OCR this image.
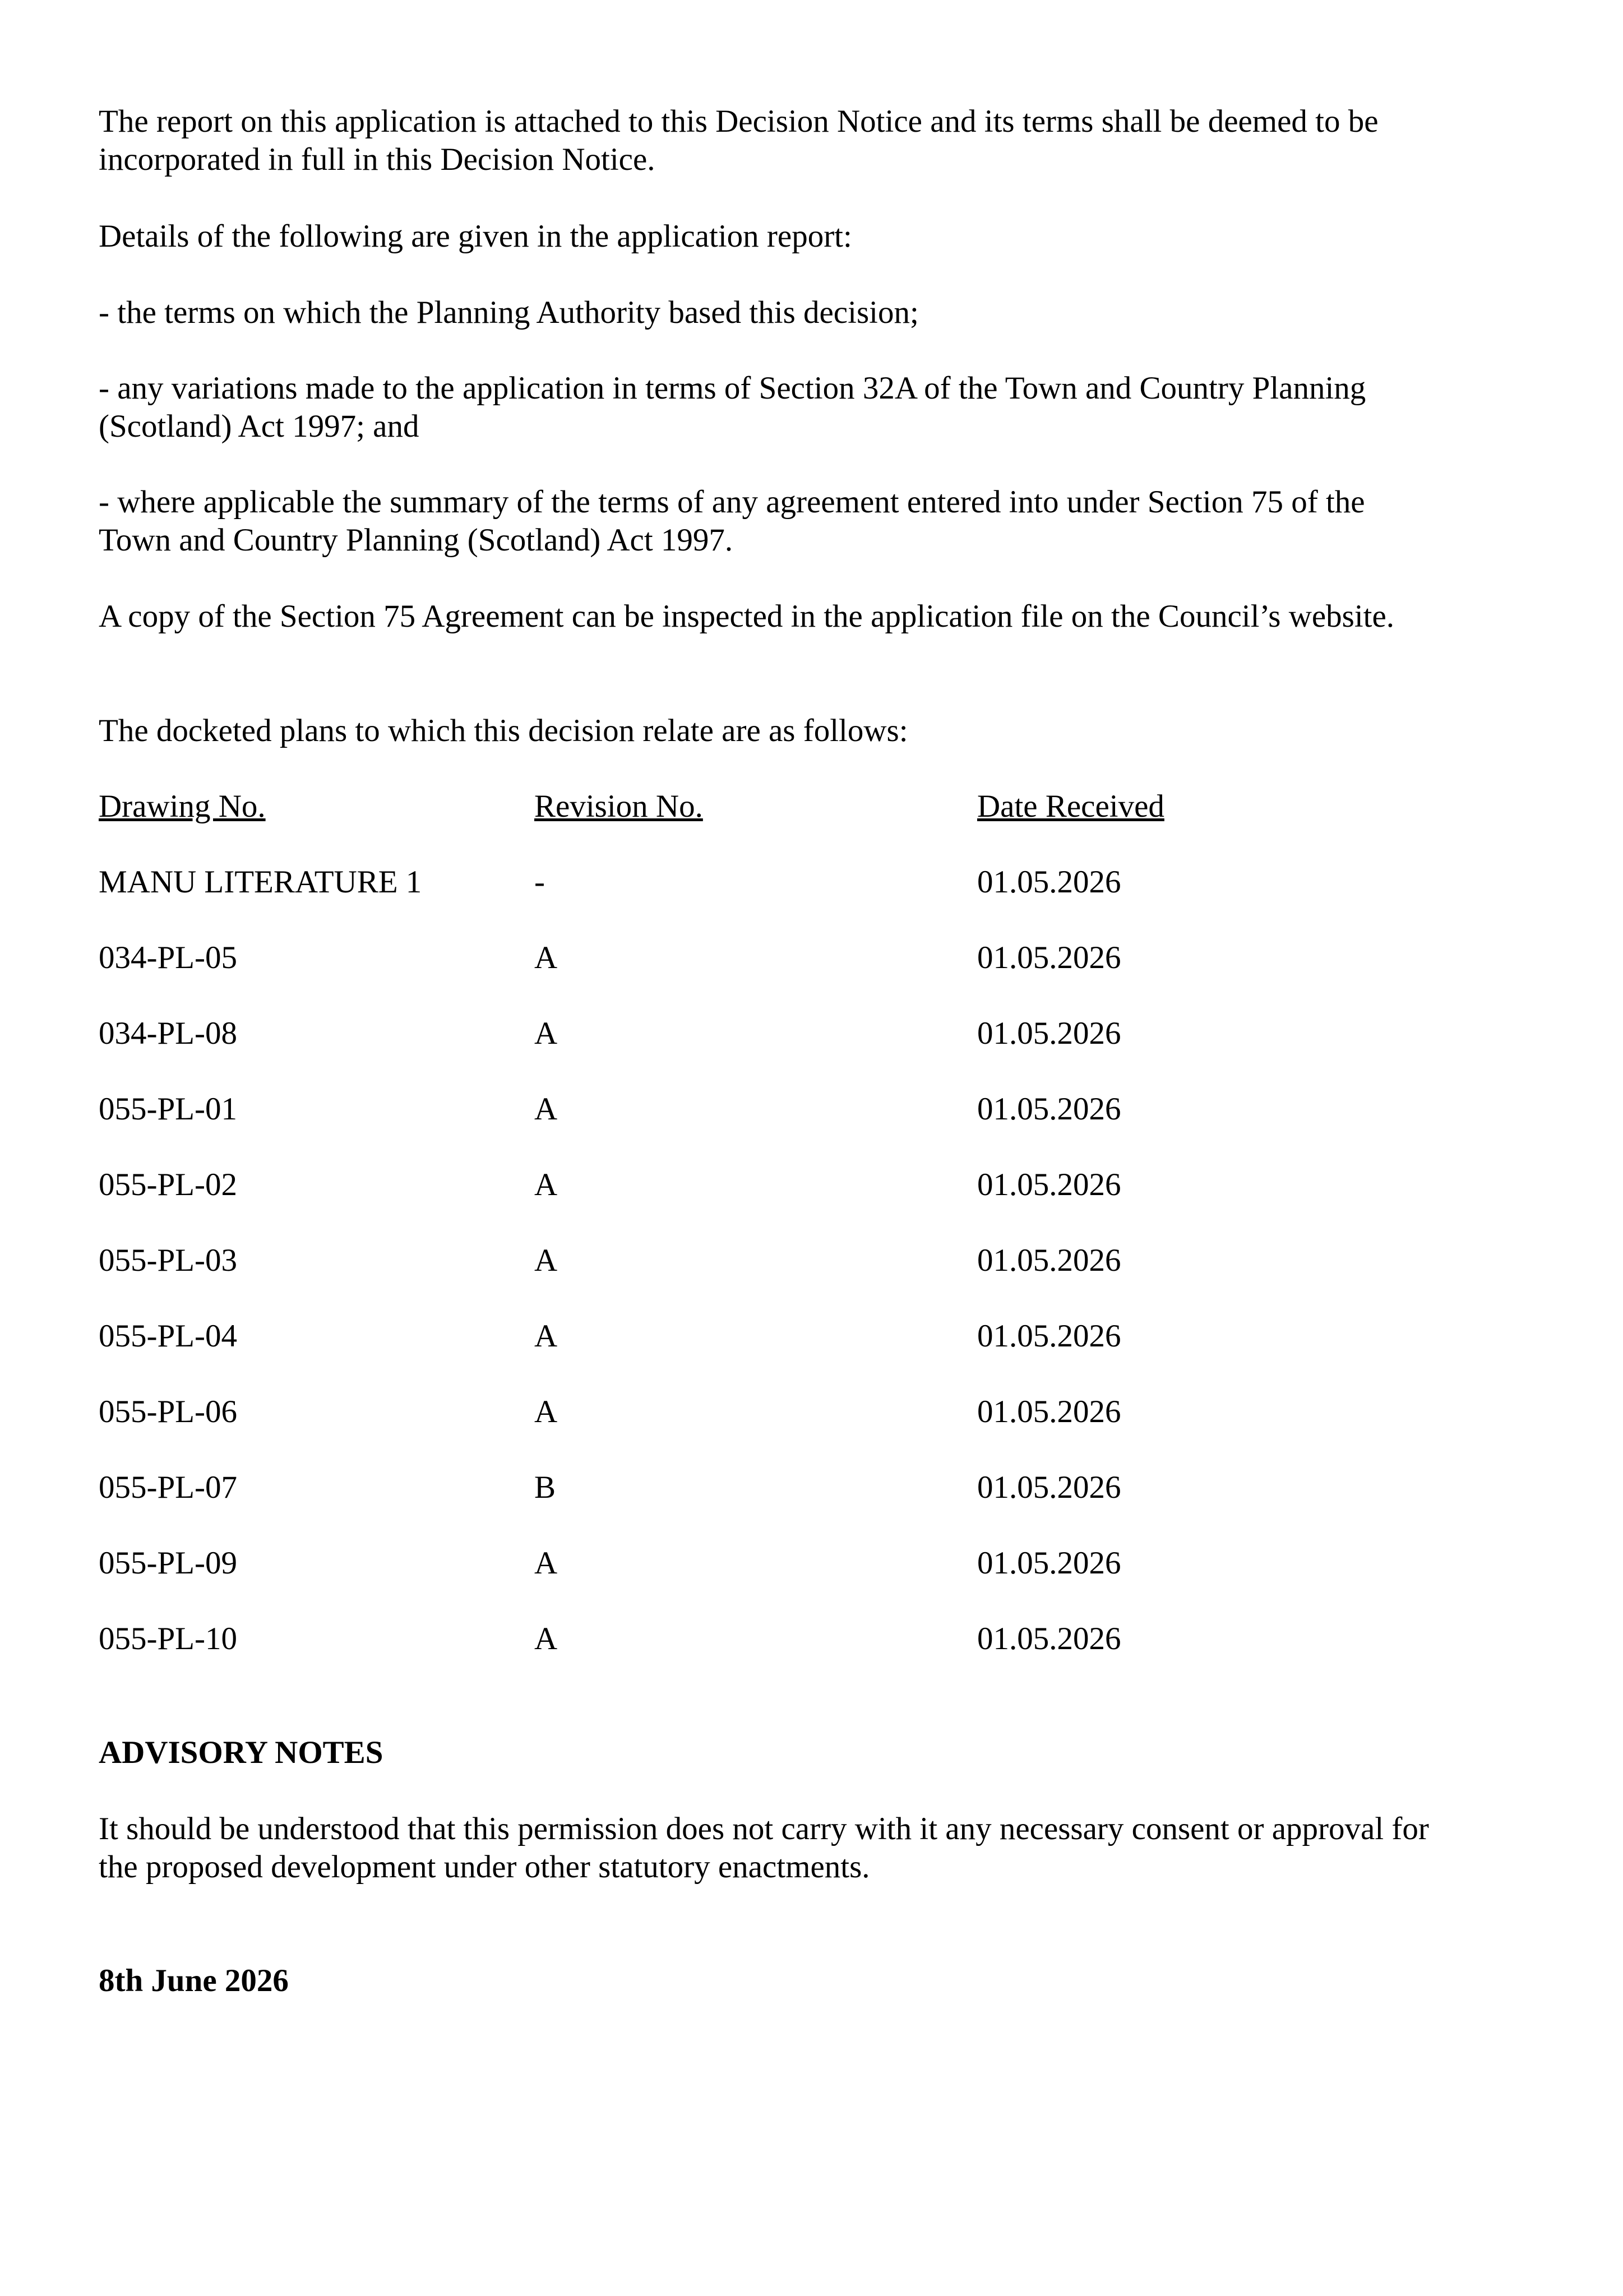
The report on this application is attached to this Decision Notice and its terms shall be deemed to be incorporated in full in this Decision Notice.

Details of the following are given in the application report:

- the terms on which the Planning Authority based this decision;

- any variations made to the application in terms of Section 32A of the Town and Country Planning (Scotland) Act 1997; and

- where applicable the summary of the terms of any agreement entered into under Section 75 of the Town and Country Planning (Scotland) Act 1997.

A copy of the Section 75 Agreement can be inspected in the application file on the Council’s website.

The docketed plans to which this decision relate are as follows:

Drawing No.	Revision No.	Date Received
MANU LITERATURE 1	-	01.05.2026
034-PL-05	A	01.05.2026
034-PL-08	A	01.05.2026
055-PL-01	A	01.05.2026
055-PL-02	A	01.05.2026
055-PL-03	A	01.05.2026
055-PL-04	A	01.05.2026
055-PL-06	A	01.05.2026
055-PL-07	B	01.05.2026
055-PL-09	A	01.05.2026
055-PL-10	A	01.05.2026

ADVISORY NOTES

It should be understood that this permission does not carry with it any necessary consent or approval for the proposed development under other statutory enactments.

8th June 2026
